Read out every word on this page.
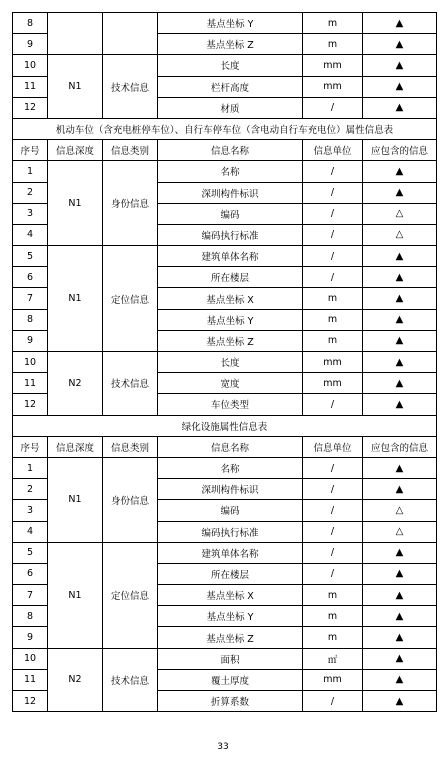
8			基点坐标 Y	m	▲
9			基点坐标 Z	m	▲
10	N1	技术信息	长度	mm	▲
11			栏杆高度	mm	▲
12			材质	/	▲
机动车位（含充电桩停车位）、自行车停车位（含电动自行车充电位）属性信息表					
序号	信息深度	信息类别	信息名称	信息单位	应包含的信息
1	N1	身份信息	名称	/	▲
2			深圳构件标识	/	▲
3			编码	/	△
4			编码执行标准	/	△
5	N1	定位信息	建筑单体名称	/	▲
6			所在楼层	/	▲
7			基点坐标 X	m	▲
8			基点坐标 Y	m	▲
9			基点坐标 Z	m	▲
10	N2	技术信息	长度	mm	▲
11			宽度	mm	▲
12			车位类型	/	▲
绿化设施属性信息表					
序号	信息深度	信息类别	信息名称	信息单位	应包含的信息
1	N1	身份信息	名称	/	▲
2			深圳构件标识	/	▲
3			编码	/	△
4			编码执行标准	/	△
5	N1	定位信息	建筑单体名称	/	▲
6			所在楼层	/	▲
7			基点坐标 X	m	▲
8			基点坐标 Y	m	▲
9			基点坐标 Z	m	▲
10	N2	技术信息	面积	㎡	▲
11			覆土厚度	mm	▲
12			折算系数	/	▲
33
